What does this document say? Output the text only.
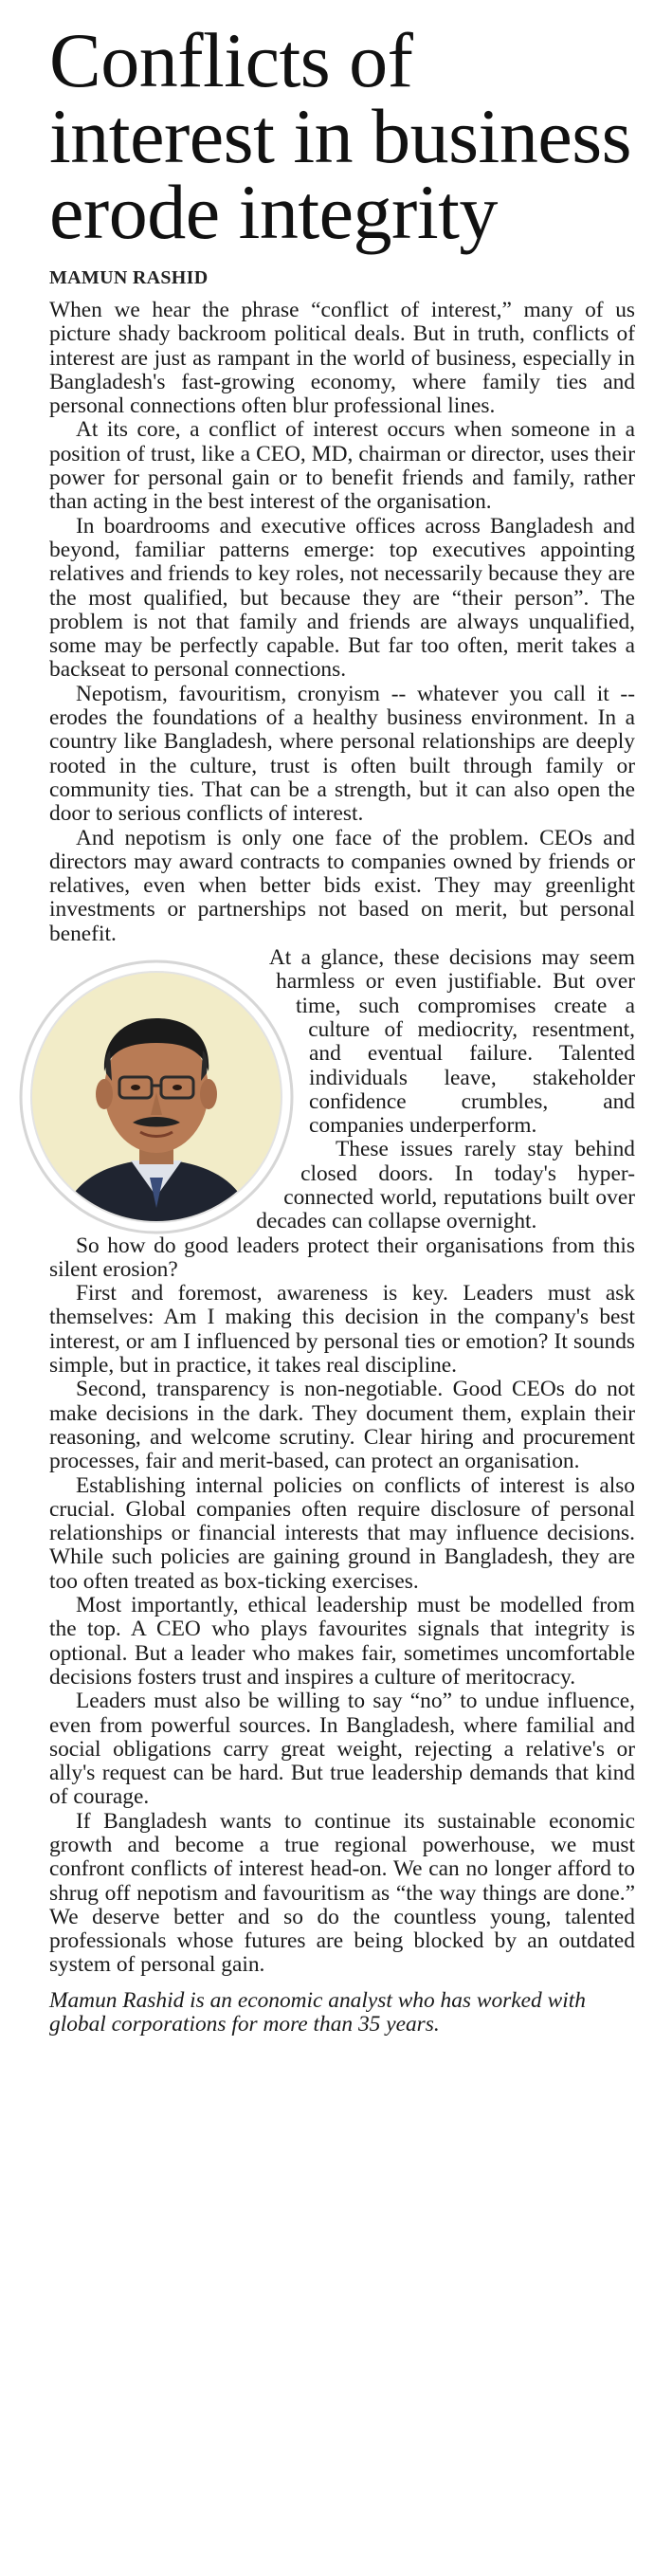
Conflicts of interest in business erode integrity
MAMUN RASHID

When we hear the phrase “conflict of interest,” many of us picture shady backroom political deals. But in truth, conflicts of interest are just as rampant in the world of business, especially in Bangladesh's fast-growing economy, where family ties and personal connections often blur professional lines.

At its core, a conflict of interest occurs when someone in a position of trust, like a CEO, MD, chairman or director, uses their power for personal gain or to benefit friends and family, rather than acting in the best interest of the organisation.

In boardrooms and executive offices across Bangladesh and beyond, familiar patterns emerge: top executives appointing relatives and friends to key roles, not necessarily because they are the most qualified, but because they are “their person”. The problem is not that family and friends are always unqualified, some may be perfectly capable. But far too often, merit takes a backseat to personal connections.

Nepotism, favouritism, cronyism -- whatever you call it -- erodes the foundations of a healthy business environment. In a country like Bangladesh, where personal relationships are deeply rooted in the culture, trust is often built through family or community ties. That can be a strength, but it can also open the door to serious conflicts of interest.

And nepotism is only one face of the problem. CEOs and directors may award contracts to companies owned by friends or relatives, even when better bids exist. They may greenlight investments or partnerships not based on merit, but personal benefit.

At a glance, these decisions may seem harmless or even justifiable. But over time, such compromises create a culture of mediocrity, resentment, and eventual failure. Talented individuals leave, stakeholder confidence crumbles, and companies underperform.

These issues rarely stay behind closed doors. In today's hyper-connected world, reputations built over decades can collapse overnight.

So how do good leaders protect their organisations from this silent erosion?

First and foremost, awareness is key. Leaders must ask themselves: Am I making this decision in the company's best interest, or am I influenced by personal ties or emotion? It sounds simple, but in practice, it takes real discipline.

Second, transparency is non-negotiable. Good CEOs do not make decisions in the dark. They document them, explain their reasoning, and welcome scrutiny. Clear hiring and procurement processes, fair and merit-based, can protect an organisation.

Establishing internal policies on conflicts of interest is also crucial. Global companies often require disclosure of personal relationships or financial interests that may influence decisions. While such policies are gaining ground in Bangladesh, they are too often treated as box-ticking exercises.

Most importantly, ethical leadership must be modelled from the top. A CEO who plays favourites signals that integrity is optional. But a leader who makes fair, sometimes uncomfortable decisions fosters trust and inspires a culture of meritocracy.

Leaders must also be willing to say “no” to undue influence, even from powerful sources. In Bangladesh, where familial and social obligations carry great weight, rejecting a relative's or ally's request can be hard. But true leadership demands that kind of courage.

If Bangladesh wants to continue its sustainable economic growth and become a true regional powerhouse, we must confront conflicts of interest head-on. We can no longer afford to shrug off nepotism and favouritism as “the way things are done.” We deserve better and so do the countless young, talented professionals whose futures are being blocked by an outdated system of personal gain.

Mamun Rashid is an economic analyst who has worked with global corporations for more than 35 years.
